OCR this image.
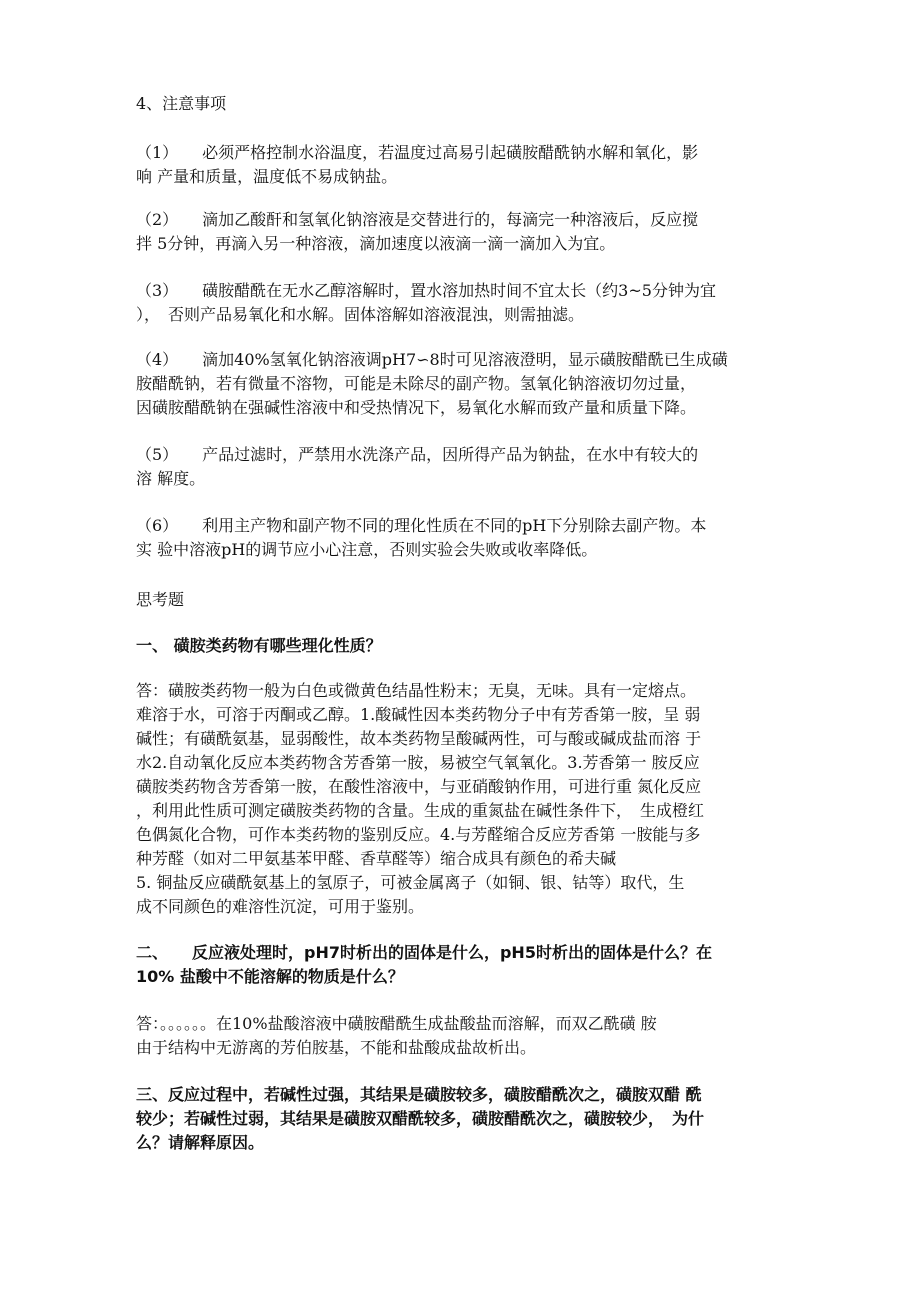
4、注意事项
（1）　　必须严格控制水浴温度，若温度过高易引起磺胺醋酰钠水解和氧化，影
响 产量和质量，温度低不易成钠盐。
（2）　　滴加乙酸酐和氢氧化钠溶液是交替进行的，每滴完一种溶液后，反应搅
拌 5分钟，再滴入另一种溶液，滴加速度以液滴一滴一滴加入为宜。
（3）　　磺胺醋酰在无水乙醇溶解时，置水溶加热时间不宜太长（约3~5分钟为宜
），　否则产品易氧化和水解。固体溶解如溶液混浊，则需抽滤。
（4）　　滴加40%氢氧化钠溶液调pH7∽8时可见溶液澄明，显示磺胺醋酰已生成磺
胺醋酰钠，若有微量不溶物，可能是未除尽的副产物。氢氧化钠溶液切勿过量，
因磺胺醋酰钠在强碱性溶液中和受热情况下，易氧化水解而致产量和质量下降。
（5）　　产品过滤时，严禁用水洗涤产品，因所得产品为钠盐，在水中有较大的
溶 解度。
（6）　　利用主产物和副产物不同的理化性质在不同的pH下分别除去副产物。本
实 验中溶液pH的调节应小心注意，否则实验会失败或收率降低。
思考题
一、 磺胺类药物有哪些理化性质？
答：磺胺类药物一般为白色或微黄色结晶性粉末；无臭，无味。具有一定熔点。
难溶于水，可溶于丙酮或乙醇。1.酸碱性因本类药物分子中有芳香第一胺，呈 弱
碱性；有磺酰氨基，显弱酸性，故本类药物呈酸碱两性，可与酸或碱成盐而溶 于
水2.自动氧化反应本类药物含芳香第一胺，易被空气氧氧化。3.芳香第一 胺反应
磺胺类药物含芳香第一胺，在酸性溶液中，与亚硝酸钠作用，可进行重 氮化反应
，利用此性质可测定磺胺类药物的含量。生成的重氮盐在碱性条件下，　生成橙红
色偶氮化合物，可作本类药物的鉴别反应。4.与芳醛缩合反应芳香第 一胺能与多
种芳醛（如对二甲氨基苯甲醛、香草醛等）缩合成具有颜色的希夫碱
5. 铜盐反应磺酰氨基上的氢原子，可被金属离子（如铜、银、钴等）取代，生
成不同颜色的难溶性沉淀，可用于鉴别。
二、　　反应液处理时，pH7时析出的固体是什么，pH5时析出的固体是什么？在
10% 盐酸中不能溶解的物质是什么？
答：。。。。。。在10%盐酸溶液中磺胺醋酰生成盐酸盐而溶解，而双乙酰磺 胺
由于结构中无游离的芳伯胺基，不能和盐酸成盐故析出。
三、反应过程中，若碱性过强，其结果是磺胺较多，磺胺醋酰次之，磺胺双醋 酰
较少；若碱性过弱，其结果是磺胺双醋酰较多，磺胺醋酰次之，磺胺较少，　为什
么？请解释原因。
